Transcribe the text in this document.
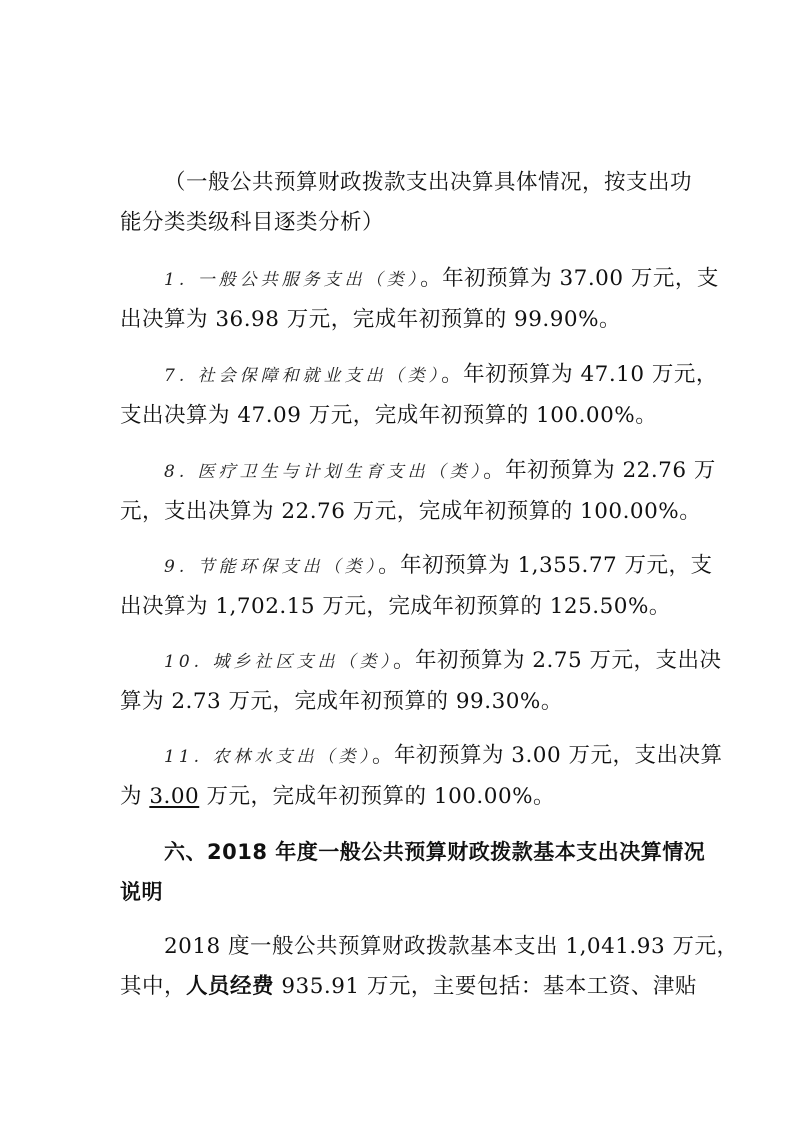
（一般公共预算财政拨款支出决算具体情况，按支出功
能分类类级科目逐类分析）

1. 一般公共服务支出（类）。年初预算为 37.00 万元，支
出决算为 36.98 万元，完成年初预算的 99.90%。

7. 社会保障和就业支出（类）。年初预算为 47.10 万元，
支出决算为 47.09 万元，完成年初预算的 100.00%。

8. 医疗卫生与计划生育支出（类）。年初预算为 22.76 万
元，支出决算为 22.76 万元，完成年初预算的 100.00%。

9. 节能环保支出（类）。年初预算为 1,355.77 万元，支
出决算为 1,702.15 万元，完成年初预算的 125.50%。

10. 城乡社区支出（类）。年初预算为 2.75 万元，支出决
算为 2.73 万元，完成年初预算的 99.30%。

11. 农林水支出（类）。年初预算为 3.00 万元，支出决算
为 3.00 万元，完成年初预算的 100.00%。

六、2018 年度一般公共预算财政拨款基本支出决算情况
说明

2018 度一般公共预算财政拨款基本支出 1,041.93 万元，
其中，人员经费 935.91 万元，主要包括：基本工资、津贴
